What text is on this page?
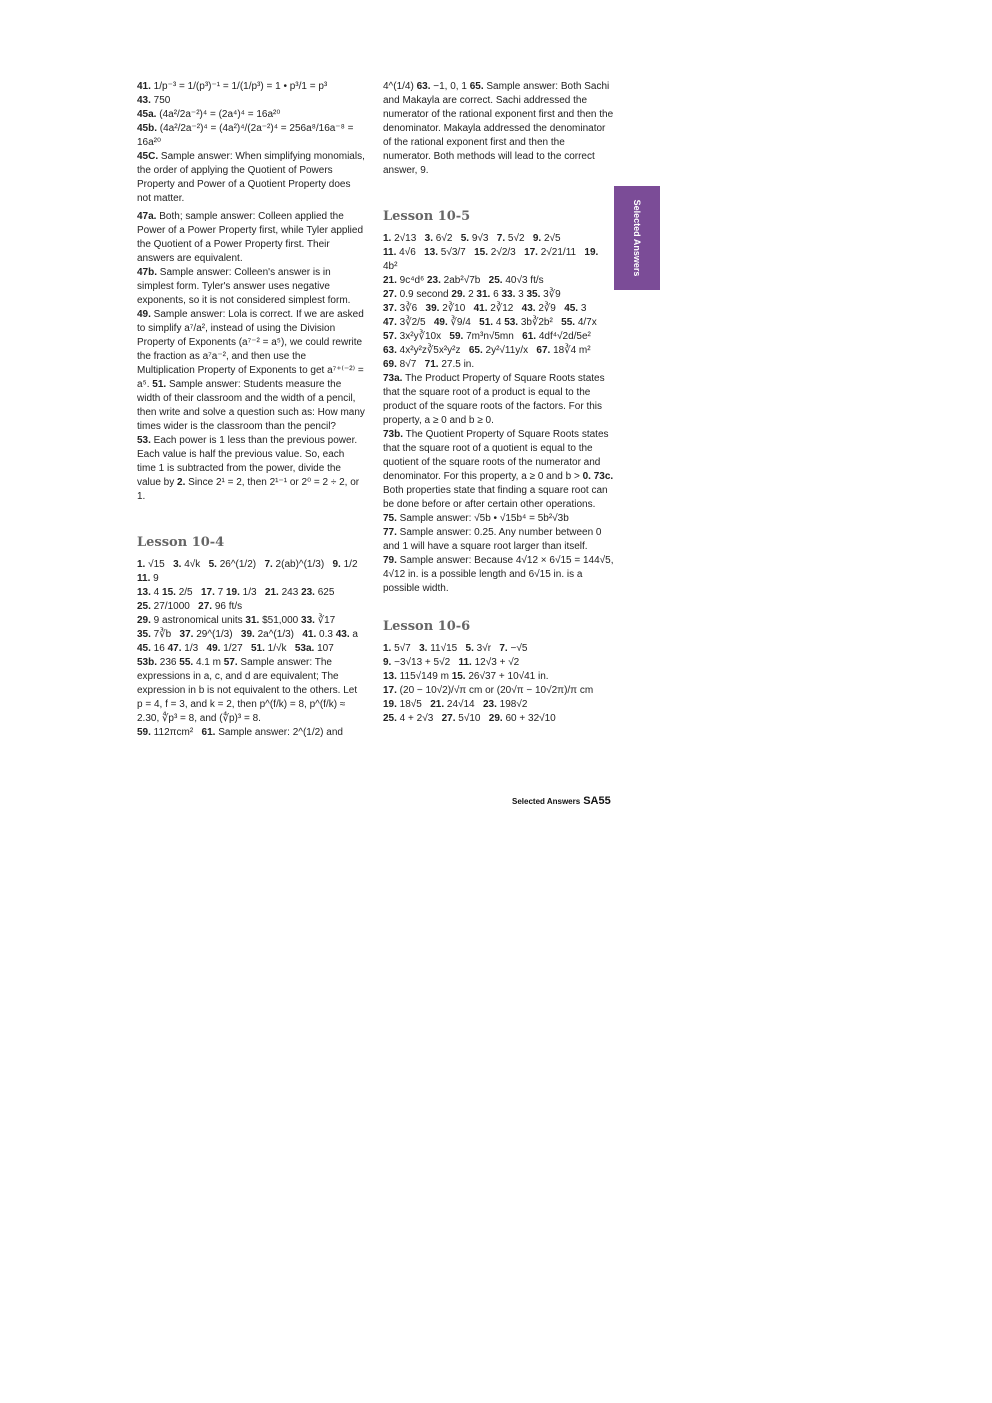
Selected Answers

41. 1/p⁻³ = 1/(p³)⁻¹ = 1/(1/p³) = 1 • p³/1 = p³

43. 750

45a. (4a²/2a⁻²)⁴ = (2a⁴)⁴ = 16a²⁰

45b. (4a²/2a⁻²)⁴ = (4a²)⁴/(2a⁻²)⁴ = 256a⁸/16a⁻⁸ = 16a²⁰

45C. Sample answer: When simplifying monomials, the order of applying the Quotient of Powers Property and Power of a Quotient Property does not matter.

47a. Both; sample answer: Colleen applied the Power of a Power Property first, while Tyler applied the Quotient of a Power Property first. Their answers are equivalent.

47b. Sample answer: Colleen's answer is in simplest form. Tyler's answer uses negative exponents, so it is not considered simplest form. 49. Sample answer: Lola is correct. If we are asked to simplify a⁷/a², instead of using the Division Property of Exponents (a⁷⁻² = a⁵), we could rewrite the fraction as a⁷a⁻², and then use the Multiplication Property of Exponents to get a⁷⁺⁽⁻²⁾ = a⁵. 51. Sample answer: Students measure the width of their classroom and the width of a pencil, then write and solve a question such as: How many times wider is the classroom than the pencil?

53. Each power is 1 less than the previous power. Each value is half the previous value. So, each time 1 is subtracted from the power, divide the value by 2. Since 2¹ = 2, then 2¹⁻¹ or 2⁰ = 2 ÷ 2, or 1.

Lesson 10-4

1. √15   3. 4√k   5. 26^(1/2)   7. 2(ab)^(1/3)   9. 1/2   11. 9

13. 4 15. 2/5   17. 7 19. 1/3   21. 243 23. 625

25. 27/1000   27. 96 ft/s

29. 9 astronomical units 31. $51,000 33. ∛17

35. 7∛b   37. 29^(1/3)   39. 2a^(1/3)   41. 0.3 43. a

45. 16 47. 1/3   49. 1/27   51. 1/√k   53a. 107

53b. 236 55. 4.1 m 57. Sample answer: The expressions in a, c, and d are equivalent; The expression in b is not equivalent to the others. Let p = 4, f = 3, and k = 2, then p^(f/k) = 8, p^(f/k) ≈ 2.30, ∜p³ = 8, and (∜p)³ = 8.

59. 112πcm²   61. Sample answer: 2^(1/2) and

4^(1/4) 63. −1, 0, 1 65. Sample answer: Both Sachi and Makayla are correct. Sachi addressed the numerator of the rational exponent first and then the denominator. Makayla addressed the denominator of the rational exponent first and then the numerator. Both methods will lead to the correct answer, 9.

Lesson 10-5

1. 2√13   3. 6√2   5. 9√3   7. 5√2   9. 2√5

11. 4√6   13. 5√3/7   15. 2√2/3   17. 2√21/11   19. 4b²

21. 9c⁴d⁶ 23. 2ab²√7b   25. 40√3 ft/s

27. 0.9 second 29. 2 31. 6 33. 3 35. 3∛9

37. 3∛6   39. 2∛10   41. 2∛12   43. 2∛9   45. 3

47. 3∛2/5   49. ∛9/4   51. 4 53. 3b∛2b²   55. 4/7x

57. 3x²y∛10x   59. 7m³n√5mn   61. 4df⁴√2d/5e²

63. 4x²y²z∛5x²y²z   65. 2y²√11y/x   67. 18∛4 m²

69. 8√7   71. 27.5 in.

73a. The Product Property of Square Roots states that the square root of a product is equal to the product of the square roots of the factors. For this property, a ≥ 0 and b ≥ 0.

73b. The Quotient Property of Square Roots states that the square root of a quotient is equal to the quotient of the square roots of the numerator and denominator. For this property, a ≥ 0 and b > 0. 73c. Both properties state that finding a square root can be done before or after certain other operations.

75. Sample answer: √5b • √15b⁴ = 5b²√3b

77. Sample answer: 0.25. Any number between 0 and 1 will have a square root larger than itself.

79. Sample answer: Because 4√12 × 6√15 = 144√5, 4√12 in. is a possible length and 6√15 in. is a possible width.

Lesson 10-6

1. 5√7   3. 11√15   5. 3√r   7. −√5

9. −3√13 + 5√2   11. 12√3 + √2

13. 115√149 m 15. 26√37 + 10√41 in.

17. (20 − 10√2)/√π cm or (20√π − 10√2π)/π cm

19. 18√5   21. 24√14   23. 198√2

25. 4 + 2√3   27. 5√10   29. 60 + 32√10

Selected Answers SA55
